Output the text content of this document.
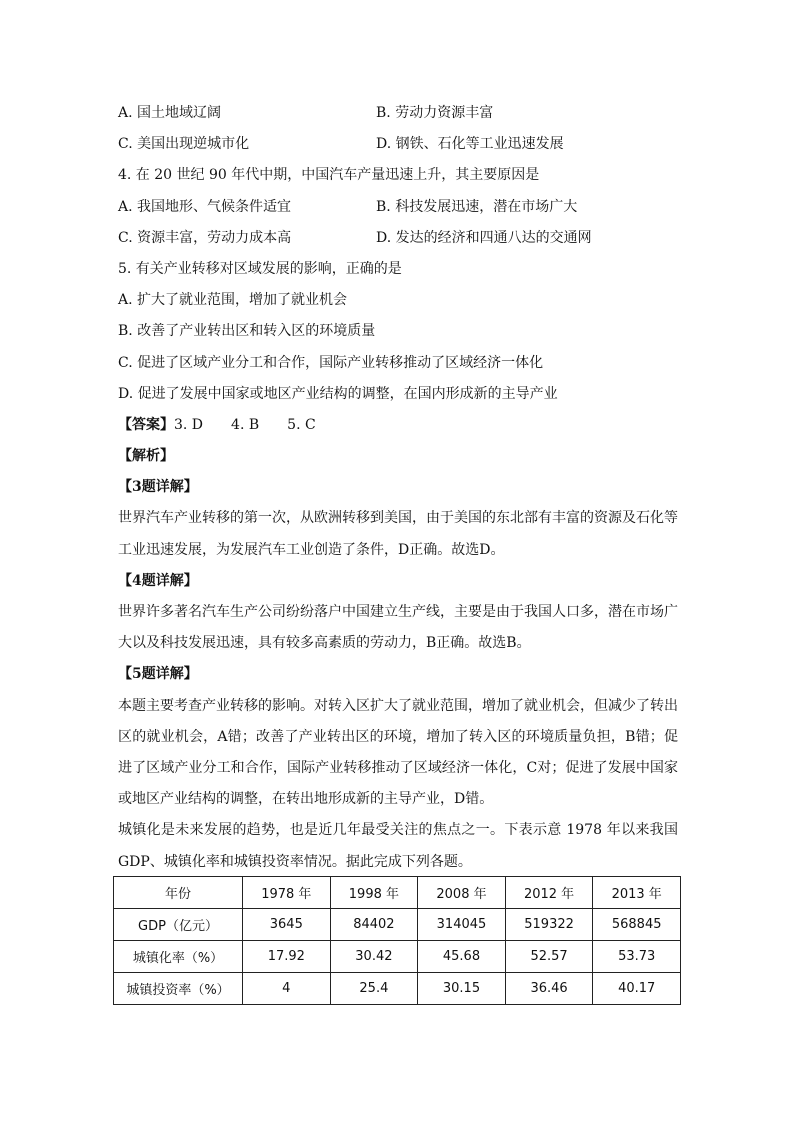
A. 国土地域辽阔	B. 劳动力资源丰富
C. 美国出现逆城市化	D. 钢铁、石化等工业迅速发展
4. 在 20 世纪 90 年代中期，中国汽车产量迅速上升，其主要原因是
A. 我国地形、气候条件适宜	B. 科技发展迅速，潜在市场广大
C. 资源丰富，劳动力成本高	D. 发达的经济和四通八达的交通网
5. 有关产业转移对区域发展的影响，正确的是
A. 扩大了就业范围，增加了就业机会
B. 改善了产业转出区和转入区的环境质量
C. 促进了区域产业分工和合作，国际产业转移推动了区域经济一体化
D. 促进了发展中国家或地区产业结构的调整，在国内形成新的主导产业
【答案】3. D 4. B 5. C
【解析】
【3题详解】

世界汽车产业转移的第一次，从欧洲转移到美国，由于美国的东北部有丰富的资源及石化等工业迅速发展，为发展汽车工业创造了条件，D正确。故选D。

【4题详解】

世界许多著名汽车生产公司纷纷落户中国建立生产线，主要是由于我国人口多，潜在市场广大以及科技发展迅速，具有较多高素质的劳动力，B正确。故选B。

【5题详解】

本题主要考查产业转移的影响。对转入区扩大了就业范围，增加了就业机会，但减少了转出区的就业机会，A错；改善了产业转出区的环境，增加了转入区的环境质量负担，B错；促进了区域产业分工和合作，国际产业转移推动了区域经济一体化，C对；促进了发展中国家或地区产业结构的调整，在转出地形成新的主导产业，D错。

城镇化是未来发展的趋势，也是近几年最受关注的焦点之一。下表示意 1978 年以来我国GDP、城镇化率和城镇投资率情况。据此完成下列各题。

年份	1978 年	1998 年	2008 年	2012 年	2013 年
GDP（亿元）	3645	84402	314045	519322	568845
城镇化率（%）	17.92	30.42	45.68	52.57	53.73
城镇投资率（%）	4	25.4	30.15	36.46	40.17
